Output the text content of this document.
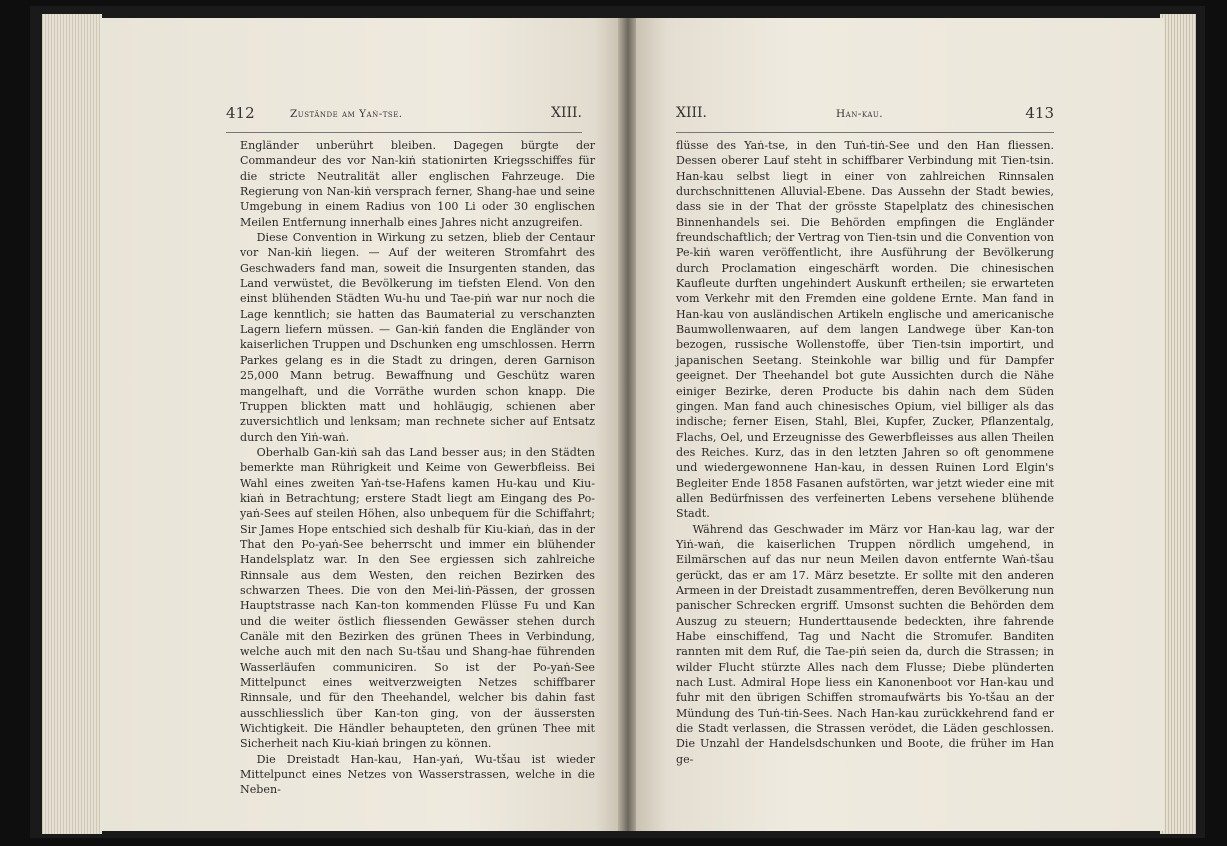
412	Zustände am Yaṅ-tse.	XIII.

Engländer unberührt bleiben. Dagegen bürgte der Commandeur des vor Nan-kiṅ stationirten Kriegsschiffes für die stricte Neutralität aller englischen Fahrzeuge. Die Regierung von Nan-kiṅ versprach ferner, Shang-hae und seine Umgebung in einem Radius von 100 Li oder 30 englischen Meilen Entfernung innerhalb eines Jahres nicht anzugreifen.

Diese Convention in Wirkung zu setzen, blieb der Centaur vor Nan-kiṅ liegen. — Auf der weiteren Stromfahrt des Geschwaders fand man, soweit die Insurgenten standen, das Land verwüstet, die Bevölkerung im tiefsten Elend. Von den einst blühenden Städten Wu-hu und Tae-piṅ war nur noch die Lage kenntlich; sie hatten das Baumaterial zu verschanzten Lagern liefern müssen. — Gan-kiṅ fanden die Engländer von kaiserlichen Truppen und Dschunken eng umschlossen. Herrn Parkes gelang es in die Stadt zu dringen, deren Garnison 25,000 Mann betrug. Bewaffnung und Geschütz waren mangelhaft, und die Vorräthe wurden schon knapp. Die Truppen blickten matt und hohläugig, schienen aber zuversichtlich und lenksam; man rechnete sicher auf Entsatz durch den Yiṅ-waṅ.

Oberhalb Gan-kiṅ sah das Land besser aus; in den Städten bemerkte man Rührigkeit und Keime von Gewerbfleiss. Bei Wahl eines zweiten Yaṅ-tse-Hafens kamen Hu-kau und Kiu-kiaṅ in Betrachtung; erstere Stadt liegt am Eingang des Po-yaṅ-Sees auf steilen Höhen, also unbequem für die Schiffahrt; Sir James Hope entschied sich deshalb für Kiu-kiaṅ, das in der That den Po-yaṅ-See beherrscht und immer ein blühender Handelsplatz war. In den See ergiessen sich zahlreiche Rinnsale aus dem Westen, den reichen Bezirken des schwarzen Thees. Die von den Mei-liṅ-Pässen, der grossen Hauptstrasse nach Kan-ton kommenden Flüsse Fu und Kan und die weiter östlich fliessenden Gewässer stehen durch Canäle mit den Bezirken des grünen Thees in Verbindung, welche auch mit den nach Su-tšau und Shang-hae führenden Wasserläufen communiciren. So ist der Po-yaṅ-See Mittelpunct eines weitverzweigten Netzes schiffbarer Rinnsale, und für den Theehandel, welcher bis dahin fast ausschliesslich über Kan-ton ging, von der äussersten Wichtigkeit. Die Händler behaupteten, den grünen Thee mit Sicherheit nach Kiu-kiaṅ bringen zu können.

Die Dreistadt Han-kau, Han-yaṅ, Wu-tšau ist wieder Mittelpunct eines Netzes von Wasserstrassen, welche in die Neben-

XIII.	Han-kau.	413

flüsse des Yaṅ-tse, in den Tuṅ-tiṅ-See und den Han fliessen. Dessen oberer Lauf steht in schiffbarer Verbindung mit Tien-tsin. Han-kau selbst liegt in einer von zahlreichen Rinnsalen durchschnittenen Alluvial-Ebene. Das Aussehn der Stadt bewies, dass sie in der That der grösste Stapelplatz des chinesischen Binnenhandels sei. Die Behörden empfingen die Engländer freundschaftlich; der Vertrag von Tien-tsin und die Convention von Pe-kiṅ waren veröffentlicht, ihre Ausführung der Bevölkerung durch Proclamation eingeschärft worden. Die chinesischen Kaufleute durften ungehindert Auskunft ertheilen; sie erwarteten vom Verkehr mit den Fremden eine goldene Ernte. Man fand in Han-kau von ausländischen Artikeln englische und americanische Baumwollenwaaren, auf dem langen Landwege über Kan-ton bezogen, russische Wollenstoffe, über Tien-tsin importirt, und japanischen Seetang. Steinkohle war billig und für Dampfer geeignet. Der Theehandel bot gute Aussichten durch die Nähe einiger Bezirke, deren Producte bis dahin nach dem Süden gingen. Man fand auch chinesisches Opium, viel billiger als das indische; ferner Eisen, Stahl, Blei, Kupfer, Zucker, Pflanzentalg, Flachs, Oel, und Erzeugnisse des Gewerbfleisses aus allen Theilen des Reiches. Kurz, das in den letzten Jahren so oft genommene und wiedergewonnene Han-kau, in dessen Ruinen Lord Elgin's Begleiter Ende 1858 Fasanen aufstörten, war jetzt wieder eine mit allen Bedürfnissen des verfeinerten Lebens versehene blühende Stadt.

Während das Geschwader im März vor Han-kau lag, war der Yiṅ-waṅ, die kaiserlichen Truppen nördlich umgehend, in Eilmärschen auf das nur neun Meilen davon entfernte Waṅ-tšau gerückt, das er am 17. März besetzte. Er sollte mit den anderen Armeen in der Dreistadt zusammentreffen, deren Bevölkerung nun panischer Schrecken ergriff. Umsonst suchten die Behörden dem Auszug zu steuern; Hunderttausende bedeckten, ihre fahrende Habe einschiffend, Tag und Nacht die Stromufer. Banditen rannten mit dem Ruf, die Tae-piṅ seien da, durch die Strassen; in wilder Flucht stürzte Alles nach dem Flusse; Diebe plünderten nach Lust. Admiral Hope liess ein Kanonenboot vor Han-kau und fuhr mit den übrigen Schiffen stromaufwärts bis Yo-tšau an der Mündung des Tuṅ-tiṅ-Sees. Nach Han-kau zurückkehrend fand er die Stadt verlassen, die Strassen verödet, die Läden geschlossen. Die Unzahl der Handelsdschunken und Boote, die früher im Han ge-
